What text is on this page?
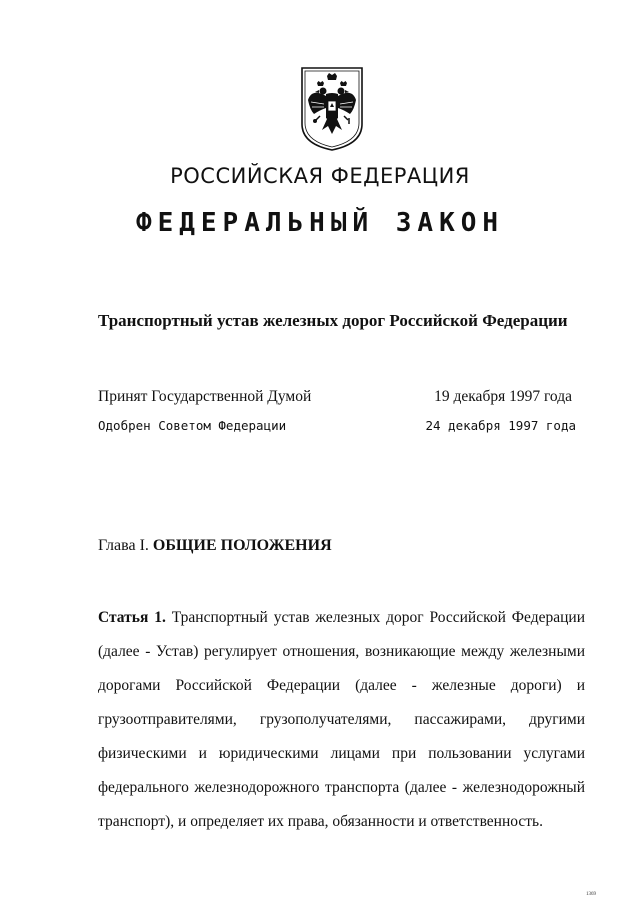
РОССИЙСКАЯ ФЕДЕРАЦИЯ
ФЕДЕРАЛЬНЫЙ ЗАКОН
Транспортный устав железных дорог Российской Федерации
Принят Государственной Думой	19 декабря 1997 года
Одобрен Советом Федерации	24 декабря 1997 года
Глава I. ОБЩИЕ ПОЛОЖЕНИЯ
Статья 1. Транспортный устав железных дорог Российской Федерации
(далее - Устав) регулирует отношения, возникающие между железными
дорогами Российской Федерации (далее - железные дороги) и
грузоотправителями, грузополучателями, пассажирами, другими
физическими и юридическими лицами при пользовании услугами
федерального железнодорожного транспорта (далее - железнодорожный
транспорт), и определяет их права, обязанности и ответственность.
1369
